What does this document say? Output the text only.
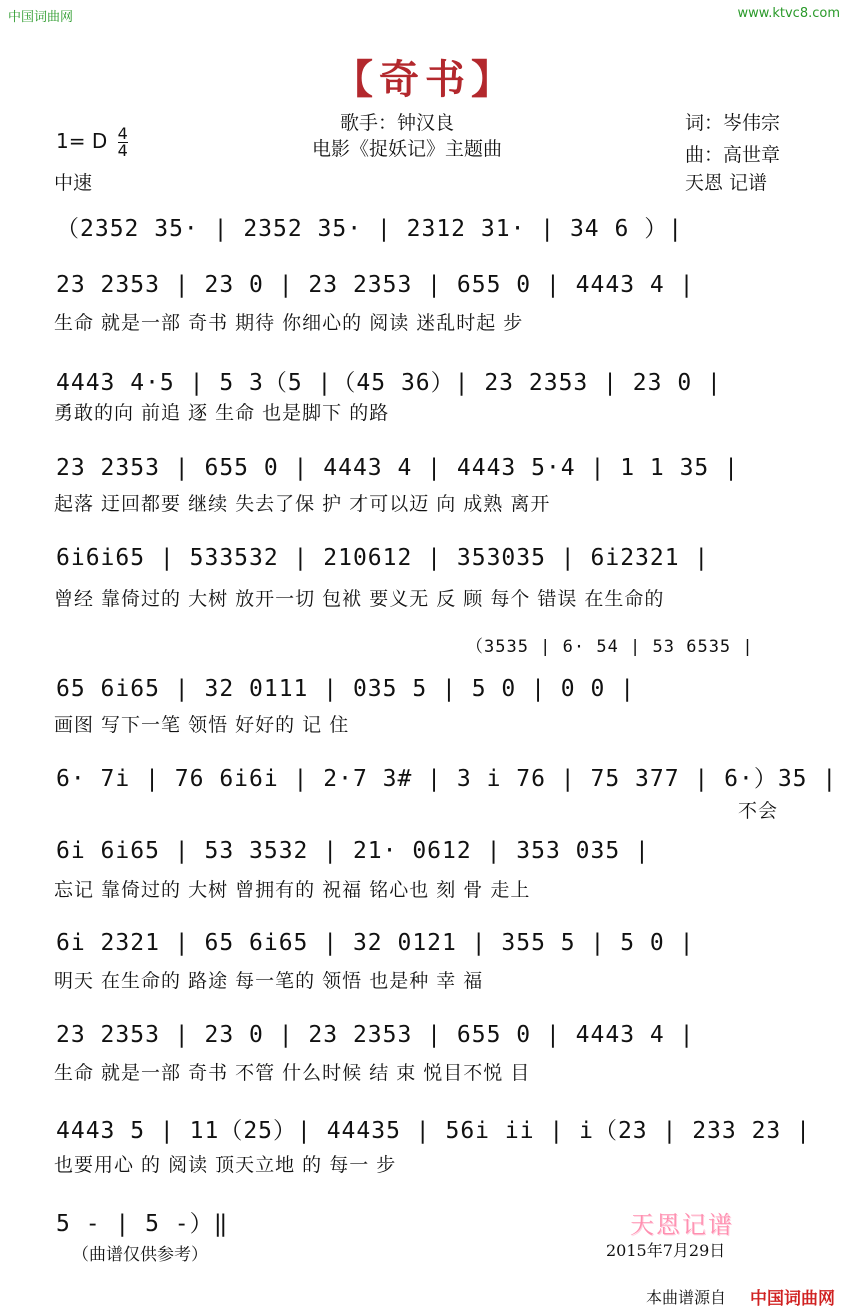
中国词曲网	www.ktvc8.com
【奇书】
歌手：钟汉良
电影《捉妖记》主题曲
词：岑伟宗
曲：高世章
天恩 记谱
1= D $\frac{4}{4}$
中速
（2352 35· | 2352 35· | 2312 31· | 34 6 ）|
23 2353 | 23 0 | 23 2353 | 655 0 | 4443 4 |
生命 就是一部 奇书 期待 你细心的 阅读 迷乱时起 步
4443 4·5 | 5 3（5 |（45 36）| 23 2353 | 23 0 |
勇敢的向 前追 逐 生命 也是脚下 的路
23 2353 | 655 0 | 4443 4 | 4443 5·4 | 1 1 35 |
起落 迂回都要 继续 失去了保 护 才可以迈 向 成熟 离开
6i6i65 | 533532 | 210612 | 353035 | 6i2321 |
曾经 靠倚过的 大树 放开一切 包袱 要义无 反 顾 每个 错误 在生命的
（3535 | 6· 54 | 53 6535 |
65 6i65 | 32 0111 | 035 5 | 5 0 | 0 0 |
画图 写下一笔 领悟 好好的 记 住
6· 7i | 76 6i6i | 2·7 3# | 3 i 76 | 75 377 | 6·）35 |
不会
6i 6i65 | 53 3532 | 21· 0612 | 353 035 |
忘记 靠倚过的 大树 曾拥有的 祝福 铭心也 刻 骨 走上
6i 2321 | 65 6i65 | 32 0121 | 355 5 | 5 0 |
明天 在生命的 路途 每一笔的 领悟 也是种 幸 福
23 2353 | 23 0 | 23 2353 | 655 0 | 4443 4 |
生命 就是一部 奇书 不管 什么时候 结 束 悦目不悦 目
4443 5 | 11（25）| 44435 | 56i ii | i（23 | 233 23 |
也要用心 的 阅读 顶天立地 的 每一 步
5 - | 5 -）‖
（曲谱仅供参考）
天恩记谱
2015年7月29日
本曲谱源自 中国词曲网
